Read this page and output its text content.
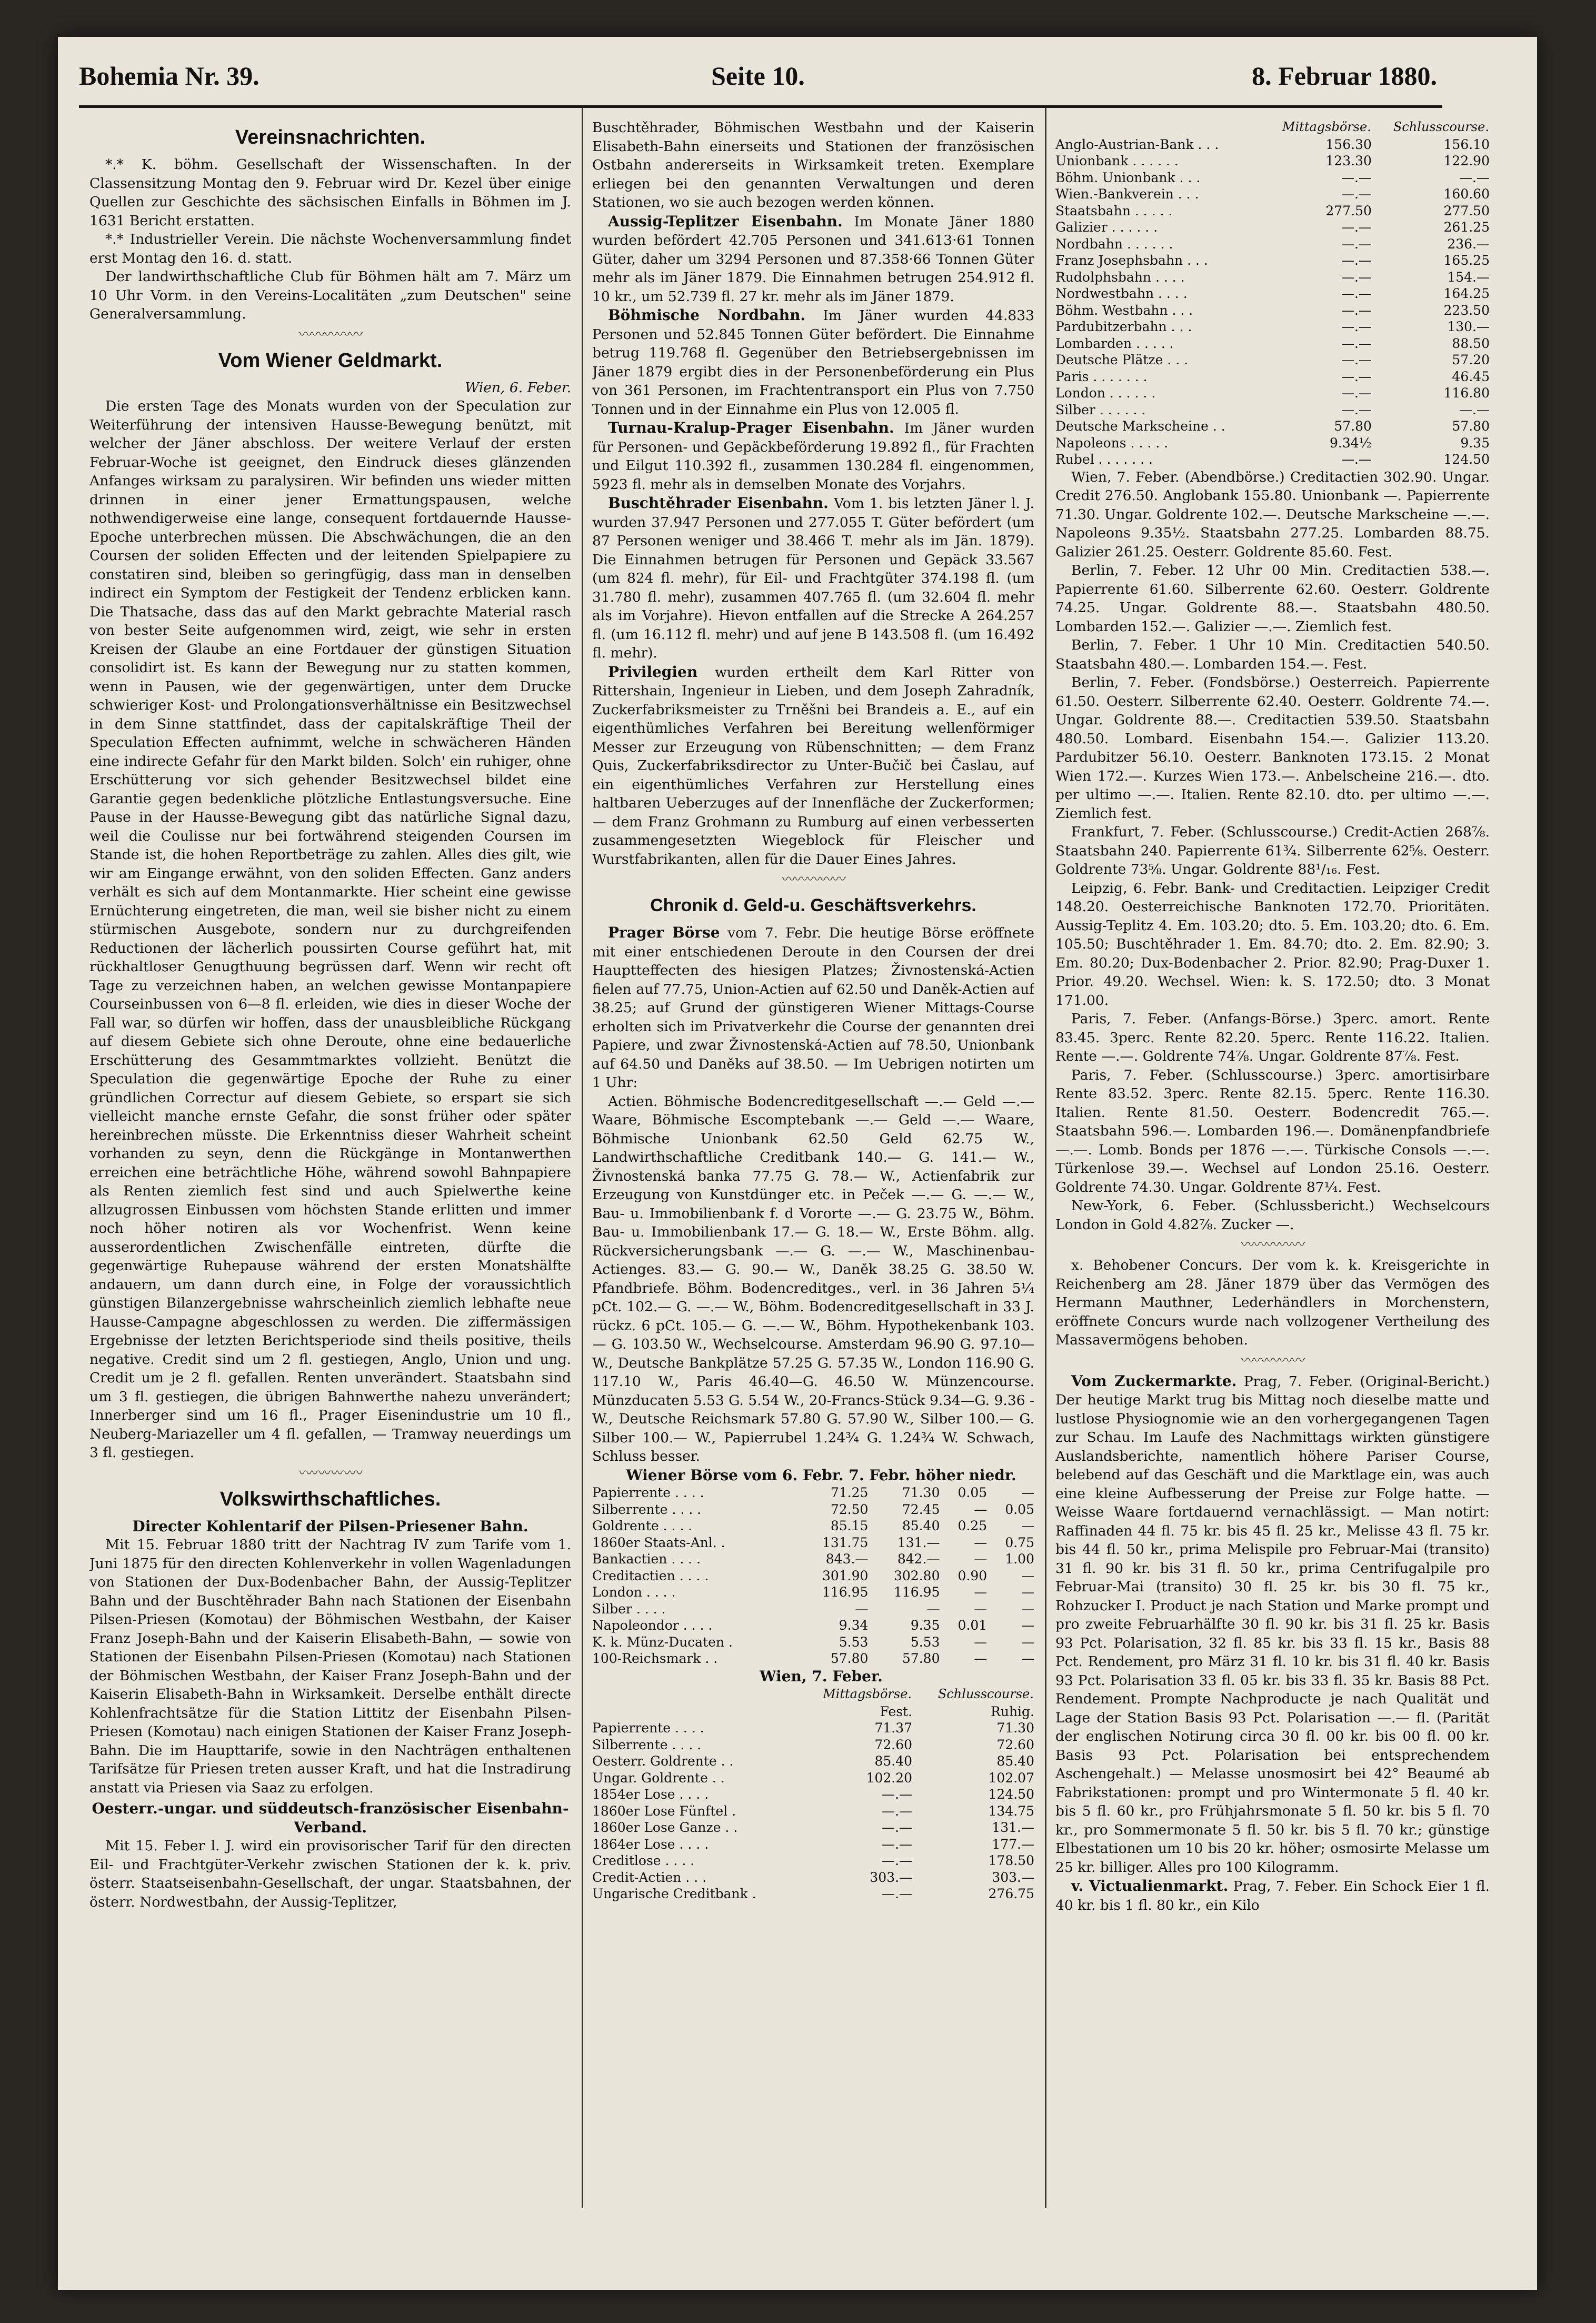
Bohemia Nr. 39.	Seite 10.	8. Februar 1880.
Vereinsnachrichten.

*.* K. böhm. Gesellschaft der Wissenschaften. In der Classensitzung Montag den 9. Februar wird Dr. Kezel über einige Quellen zur Geschichte des sächsischen Einfalls in Böhmen im J. 1631 Bericht erstatten.

*.* Industrieller Verein. Die nächste Wochenversammlung findet erst Montag den 16. d. statt.

Der landwirthschaftliche Club für Böhmen hält am 7. März um 10 Uhr Vorm. in den Vereins-Localitäten „zum Deutschen" seine Generalversammlung.

〰〰〰〰〰
Vom Wiener Geldmarkt.

Wien, 6. Feber.

Die ersten Tage des Monats wurden von der Speculation zur Weiterführung der intensiven Hausse-Bewegung benützt, mit welcher der Jäner abschloss. Der weitere Verlauf der ersten Februar-Woche ist geeignet, den Eindruck dieses glänzenden Anfanges wirksam zu paralysiren. Wir befinden uns wieder mitten drinnen in einer jener Ermattungspausen, welche nothwendigerweise eine lange, consequent fortdauernde Hausse-Epoche unterbrechen müssen. Die Abschwächungen, die an den Coursen der soliden Effecten und der leitenden Spielpapiere zu constatiren sind, bleiben so geringfügig, dass man in denselben indirect ein Symptom der Festigkeit der Tendenz erblicken kann. Die Thatsache, dass das auf den Markt gebrachte Material rasch von bester Seite aufgenommen wird, zeigt, wie sehr in ersten Kreisen der Glaube an eine Fortdauer der günstigen Situation consolidirt ist. Es kann der Bewegung nur zu statten kommen, wenn in Pausen, wie der gegenwärtigen, unter dem Drucke schwieriger Kost- und Prolongationsverhältnisse ein Besitzwechsel in dem Sinne stattfindet, dass der capitalskräftige Theil der Speculation Effecten aufnimmt, welche in schwächeren Händen eine indirecte Gefahr für den Markt bilden. Solch' ein ruhiger, ohne Erschütterung vor sich gehender Besitzwechsel bildet eine Garantie gegen bedenkliche plötzliche Entlastungsversuche. Eine Pause in der Hausse-Bewegung gibt das natürliche Signal dazu, weil die Coulisse nur bei fortwährend steigenden Coursen im Stande ist, die hohen Reportbeträge zu zahlen. Alles dies gilt, wie wir am Eingange erwähnt, von den soliden Effecten. Ganz anders verhält es sich auf dem Montanmarkte. Hier scheint eine gewisse Ernüchterung eingetreten, die man, weil sie bisher nicht zu einem stürmischen Ausgebote, sondern nur zu durchgreifenden Reductionen der lächerlich poussirten Course geführt hat, mit rückhaltloser Genugthuung begrüssen darf. Wenn wir recht oft Tage zu verzeichnen haben, an welchen gewisse Montanpapiere Courseinbussen von 6—8 fl. erleiden, wie dies in dieser Woche der Fall war, so dürfen wir hoffen, dass der unausbleibliche Rückgang auf diesem Gebiete sich ohne Deroute, ohne eine bedauerliche Erschütterung des Gesammtmarktes vollzieht. Benützt die Speculation die gegenwärtige Epoche der Ruhe zu einer gründlichen Correctur auf diesem Gebiete, so erspart sie sich vielleicht manche ernste Gefahr, die sonst früher oder später hereinbrechen müsste. Die Erkenntniss dieser Wahrheit scheint vorhanden zu seyn, denn die Rückgänge in Montanwerthen erreichen eine beträchtliche Höhe, während sowohl Bahnpapiere als Renten ziemlich fest sind und auch Spielwerthe keine allzugrossen Einbussen vom höchsten Stande erlitten und immer noch höher notiren als vor Wochenfrist. Wenn keine ausserordentlichen Zwischenfälle eintreten, dürfte die gegenwärtige Ruhepause während der ersten Monatshälfte andauern, um dann durch eine, in Folge der voraussichtlich günstigen Bilanzergebnisse wahrscheinlich ziemlich lebhafte neue Hausse-Campagne abgeschlossen zu werden. Die ziffermässigen Ergebnisse der letzten Berichtsperiode sind theils positive, theils negative. Credit sind um 2 fl. gestiegen, Anglo, Union und ung. Credit um je 2 fl. gefallen. Renten unverändert. Staatsbahn sind um 3 fl. gestiegen, die übrigen Bahnwerthe nahezu unverändert; Innerberger sind um 16 fl., Prager Eisenindustrie um 10 fl., Neuberg-Mariazeller um 4 fl. gefallen, — Tramway neuerdings um 3 fl. gestiegen.

〰〰〰〰〰
Volkswirthschaftliches.

Directer Kohlentarif der Pilsen-Priesener Bahn.

Mit 15. Februar 1880 tritt der Nachtrag IV zum Tarife vom 1. Juni 1875 für den directen Kohlenverkehr in vollen Wagenladungen von Stationen der Dux-Bodenbacher Bahn, der Aussig-Teplitzer Bahn und der Buschtěhrader Bahn nach Stationen der Eisenbahn Pilsen-Priesen (Komotau) der Böhmischen Westbahn, der Kaiser Franz Joseph-Bahn und der Kaiserin Elisabeth-Bahn, — sowie von Stationen der Eisenbahn Pilsen-Priesen (Komotau) nach Stationen der Böhmischen Westbahn, der Kaiser Franz Joseph-Bahn und der Kaiserin Elisabeth-Bahn in Wirksamkeit. Derselbe enthält directe Kohlenfrachtsätze für die Station Littitz der Eisenbahn Pilsen-Priesen (Komotau) nach einigen Stationen der Kaiser Franz Joseph-Bahn. Die im Haupttarife, sowie in den Nachträgen enthaltenen Tarifsätze für Priesen treten ausser Kraft, und hat die Instradirung anstatt via Priesen via Saaz zu erfolgen.

Oesterr.-ungar. und süddeutsch-französischer Eisenbahn-Verband.

Mit 15. Feber l. J. wird ein provisorischer Tarif für den directen Eil- und Frachtgüter-Verkehr zwischen Stationen der k. k. priv. österr. Staatseisenbahn-Gesellschaft, der ungar. Staatsbahnen, der österr. Nordwestbahn, der Aussig-Teplitzer,

Buschtěhrader, Böhmischen Westbahn und der Kaiserin Elisabeth-Bahn einerseits und Stationen der französischen Ostbahn andererseits in Wirksamkeit treten. Exemplare erliegen bei den genannten Verwaltungen und deren Stationen, wo sie auch bezogen werden können.

Aussig-Teplitzer Eisenbahn. Im Monate Jäner 1880 wurden befördert 42.705 Personen und 341.613·61 Tonnen Güter, daher um 3294 Personen und 87.358·66 Tonnen Güter mehr als im Jäner 1879. Die Einnahmen betrugen 254.912 fl. 10 kr., um 52.739 fl. 27 kr. mehr als im Jäner 1879.

Böhmische Nordbahn. Im Jäner wurden 44.833 Personen und 52.845 Tonnen Güter befördert. Die Einnahme betrug 119.768 fl. Gegenüber den Betriebsergebnissen im Jäner 1879 ergibt dies in der Personenbeförderung ein Plus von 361 Personen, im Frachtentransport ein Plus von 7.750 Tonnen und in der Einnahme ein Plus von 12.005 fl.

Turnau-Kralup-Prager Eisenbahn. Im Jäner wurden für Personen- und Gepäckbeförderung 19.892 fl., für Frachten und Eilgut 110.392 fl., zusammen 130.284 fl. eingenommen, 5923 fl. mehr als in demselben Monate des Vorjahrs.

Buschtěhrader Eisenbahn. Vom 1. bis letzten Jäner l. J. wurden 37.947 Personen und 277.055 T. Güter befördert (um 87 Personen weniger und 38.466 T. mehr als im Jän. 1879). Die Einnahmen betrugen für Personen und Gepäck 33.567 (um 824 fl. mehr), für Eil- und Frachtgüter 374.198 fl. (um 31.780 fl. mehr), zusammen 407.765 fl. (um 32.604 fl. mehr als im Vorjahre). Hievon entfallen auf die Strecke A 264.257 fl. (um 16.112 fl. mehr) und auf jene B 143.508 fl. (um 16.492 fl. mehr).

Privilegien wurden ertheilt dem Karl Ritter von Rittershain, Ingenieur in Lieben, und dem Joseph Zahradník, Zuckerfabriksmeister zu Trněšni bei Brandeis a. E., auf ein eigenthümliches Verfahren bei Bereitung wellenförmiger Messer zur Erzeugung von Rübenschnitten; — dem Franz Quis, Zuckerfabriksdirector zu Unter-Bučič bei Časlau, auf ein eigenthümliches Verfahren zur Herstellung eines haltbaren Ueberzuges auf der Innenfläche der Zuckerformen; — dem Franz Grohmann zu Rumburg auf einen verbesserten zusammengesetzten Wiegeblock für Fleischer und Wurstfabrikanten, allen für die Dauer Eines Jahres.

〰〰〰〰〰
Chronik d. Geld-u. Geschäftsverkehrs.

Prager Börse vom 7. Febr. Die heutige Börse eröffnete mit einer entschiedenen Deroute in den Coursen der drei Hauptteffecten des hiesigen Platzes; Živnostenská-Actien fielen auf 77.75, Union-Actien auf 62.50 und Daněk-Actien auf 38.25; auf Grund der günstigeren Wiener Mittags-Course erholten sich im Privatverkehr die Course der genannten drei Papiere, und zwar Živnostenská-Actien auf 78.50, Unionbank auf 64.50 und Daněks auf 38.50. — Im Uebrigen notirten um 1 Uhr:

Actien. Böhmische Bodencreditgesellschaft —.— Geld —.— Waare, Böhmische Escomptebank —.— Geld —.— Waare, Böhmische Unionbank 62.50 Geld 62.75 W., Landwirthschaftliche Creditbank 140.— G. 141.— W., Živnostenská banka 77.75 G. 78.— W., Actienfabrik zur Erzeugung von Kunstdünger etc. in Peček —.— G. —.— W., Bau- u. Immobilienbank f. d Vororte —.— G. 23.75 W., Böhm. Bau- u. Immobilienbank 17.— G. 18.— W., Erste Böhm. allg. Rückversicherungsbank —.— G. —.— W., Maschinenbau-Actienges. 83.— G. 90.— W., Daněk 38.25 G. 38.50 W. Pfandbriefe. Böhm. Bodencreditges., verl. in 36 Jahren 5¼ pCt. 102.— G. —.— W., Böhm. Bodencreditgesellschaft in 33 J. rückz. 6 pCt. 105.— G. —.— W., Böhm. Hypothekenbank 103.— G. 103.50 W., Wechselcourse. Amsterdam 96.90 G. 97.10— W., Deutsche Bankplätze 57.25 G. 57.35 W., London 116.90 G. 117.10 W., Paris 46.40—G. 46.50 W. Münzencourse. Münzducaten 5.53 G. 5.54 W., 20-Francs-Stück 9.34—G. 9.36 - W., Deutsche Reichsmark 57.80 G. 57.90 W., Silber 100.— G. Silber 100.— W., Papierrubel 1.24¾ G. 1.24¾ W. Schwach, Schluss besser.

Wiener Börse vom 6. Febr. 7. Febr. höher niedr.

Papierrente . . . .	71.25	71.30	0.05	—
Silberrente . . . .	72.50	72.45	—	0.05
Goldrente . . . .	85.15	85.40	0.25	—
1860er Staats-Anl. .	131.75	131.—	—	0.75
Bankactien . . . .	843.—	842.—	—	1.00
Creditactien . . . .	301.90	302.80	0.90	—
London . . . .	116.95	116.95	—	—
Silber . . . .	—	—	—	—
Napoleondor . . . .	9.34	9.35	0.01	—
K. k. Münz-Ducaten .	5.53	5.53	—	—
100-Reichsmark . .	57.80	57.80	—	—

Wien, 7. Feber.

	Mittagsbörse.	Schlusscourse.
	Fest.	Ruhig.
Papierrente . . . .	71.37	71.30
Silberrente . . . .	72.60	72.60
Oesterr. Goldrente . .	85.40	85.40
Ungar. Goldrente . .	102.20	102.07
1854er Lose . . . .	—.—	124.50
1860er Lose Fünftel .	—.—	134.75
1860er Lose Ganze . .	—.—	131.—
1864er Lose . . . .	—.—	177.—
Creditlose . . . .	—.—	178.50
Credit-Actien . . .	303.—	303.—
Ungarische Creditbank .	—.—	276.75
	Mittagsbörse.	Schlusscourse.
Anglo-Austrian-Bank . . .	156.30	156.10
Unionbank . . . . . .	123.30	122.90
Böhm. Unionbank . . .	—.—	—.—
Wien.-Bankverein . . .	—.—	160.60
Staatsbahn . . . . .	277.50	277.50
Galizier . . . . . .	—.—	261.25
Nordbahn . . . . . .	—.—	236.—
Franz Josephsbahn . . .	—.—	165.25
Rudolphsbahn . . . .	—.—	154.—
Nordwestbahn . . . .	—.—	164.25
Böhm. Westbahn . . .	—.—	223.50
Pardubitzerbahn . . .	—.—	130.—
Lombarden . . . . .	—.—	88.50
Deutsche Plätze . . .	—.—	57.20
Paris . . . . . . .	—.—	46.45
London . . . . . .	—.—	116.80
Silber . . . . . .	—.—	—.—
Deutsche Markscheine . .	57.80	57.80
Napoleons . . . . .	9.34½	9.35
Rubel . . . . . . .	—.—	124.50

Wien, 7. Feber. (Abendbörse.) Creditactien 302.90. Ungar. Credit 276.50. Anglobank 155.80. Unionbank —. Papierrente 71.30. Ungar. Goldrente 102.—. Deutsche Markscheine —.—. Napoleons 9.35½. Staatsbahn 277.25. Lombarden 88.75. Galizier 261.25. Oesterr. Goldrente 85.60. Fest.

Berlin, 7. Feber. 12 Uhr 00 Min. Creditactien 538.—. Papierrente 61.60. Silberrente 62.60. Oesterr. Goldrente 74.25. Ungar. Goldrente 88.—. Staatsbahn 480.50. Lombarden 152.—. Galizier —.—. Ziemlich fest.

Berlin, 7. Feber. 1 Uhr 10 Min. Creditactien 540.50. Staatsbahn 480.—. Lombarden 154.—. Fest.

Berlin, 7. Feber. (Fondsbörse.) Oesterreich. Papierrente 61.50. Oesterr. Silberrente 62.40. Oesterr. Goldrente 74.—. Ungar. Goldrente 88.—. Creditactien 539.50. Staatsbahn 480.50. Lombard. Eisenbahn 154.—. Galizier 113.20. Pardubitzer 56.10. Oesterr. Banknoten 173.15. 2 Monat Wien 172.—. Kurzes Wien 173.—. Anbelscheine 216.—. dto. per ultimo —.—. Italien. Rente 82.10. dto. per ultimo —.—. Ziemlich fest.

Frankfurt, 7. Feber. (Schlusscourse.) Credit-Actien 268⅞. Staatsbahn 240. Papierrente 61¾. Silberrente 62⅝. Oesterr. Goldrente 73⅝. Ungar. Goldrente 88¹/₁₆. Fest.

Leipzig, 6. Febr. Bank- und Creditactien. Leipziger Credit 148.20. Oesterreichische Banknoten 172.70. Prioritäten. Aussig-Teplitz 4. Em. 103.20; dto. 5. Em. 103.20; dto. 6. Em. 105.50; Buschtěhrader 1. Em. 84.70; dto. 2. Em. 82.90; 3. Em. 80.20; Dux-Bodenbacher 2. Prior. 82.90; Prag-Duxer 1. Prior. 49.20. Wechsel. Wien: k. S. 172.50; dto. 3 Monat 171.00.

Paris, 7. Feber. (Anfangs-Börse.) 3perc. amort. Rente 83.45. 3perc. Rente 82.20. 5perc. Rente 116.22. Italien. Rente —.—. Goldrente 74⅞. Ungar. Goldrente 87⅞. Fest.

Paris, 7. Feber. (Schlusscourse.) 3perc. amortisirbare Rente 83.52. 3perc. Rente 82.15. 5perc. Rente 116.30. Italien. Rente 81.50. Oesterr. Bodencredit 765.—. Staatsbahn 596.—. Lombarden 196.—. Domänenpfandbriefe —.—. Lomb. Bonds per 1876 —.—. Türkische Consols —.—. Türkenlose 39.—. Wechsel auf London 25.16. Oesterr. Goldrente 74.30. Ungar. Goldrente 87¼. Fest.

New-York, 6. Feber. (Schlussbericht.) Wechselcours London in Gold 4.82⅞. Zucker —.

〰〰〰〰〰

x. Behobener Concurs. Der vom k. k. Kreisgerichte in Reichenberg am 28. Jäner 1879 über das Vermögen des Hermann Mauthner, Lederhändlers in Morchenstern, eröffnete Concurs wurde nach vollzogener Vertheilung des Massavermögens behoben.

〰〰〰〰〰

Vom Zuckermarkte. Prag, 7. Feber. (Original-Bericht.) Der heutige Markt trug bis Mittag noch dieselbe matte und lustlose Physiognomie wie an den vorhergegangenen Tagen zur Schau. Im Laufe des Nachmittags wirkten günstigere Auslandsberichte, namentlich höhere Pariser Course, belebend auf das Geschäft und die Marktlage ein, was auch eine kleine Aufbesserung der Preise zur Folge hatte. — Weisse Waare fortdauernd vernachlässigt. — Man notirt: Raffinaden 44 fl. 75 kr. bis 45 fl. 25 kr., Melisse 43 fl. 75 kr. bis 44 fl. 50 kr., prima Melispile pro Februar-Mai (transito) 31 fl. 90 kr. bis 31 fl. 50 kr., prima Centrifugalpile pro Februar-Mai (transito) 30 fl. 25 kr. bis 30 fl. 75 kr., Rohzucker I. Product je nach Station und Marke prompt und pro zweite Februarhälfte 30 fl. 90 kr. bis 31 fl. 25 kr. Basis 93 Pct. Polarisation, 32 fl. 85 kr. bis 33 fl. 15 kr., Basis 88 Pct. Rendement, pro März 31 fl. 10 kr. bis 31 fl. 40 kr. Basis 93 Pct. Polarisation 33 fl. 05 kr. bis 33 fl. 35 kr. Basis 88 Pct. Rendement. Prompte Nachproducte je nach Qualität und Lage der Station Basis 93 Pct. Polarisation —.— fl. (Parität der englischen Notirung circa 30 fl. 00 kr. bis 00 fl. 00 kr. Basis 93 Pct. Polarisation bei entsprechendem Aschengehalt.) — Melasse unosmosirt bei 42° Beaumé ab Fabrikstationen: prompt und pro Wintermonate 5 fl. 40 kr. bis 5 fl. 60 kr., pro Frühjahrsmonate 5 fl. 50 kr. bis 5 fl. 70 kr., pro Sommermonate 5 fl. 50 kr. bis 5 fl. 70 kr.; günstige Elbestationen um 10 bis 20 kr. höher; osmosirte Melasse um 25 kr. billiger. Alles pro 100 Kilogramm.

v. Victualienmarkt. Prag, 7. Feber. Ein Schock Eier 1 fl. 40 kr. bis 1 fl. 80 kr., ein Kilo
